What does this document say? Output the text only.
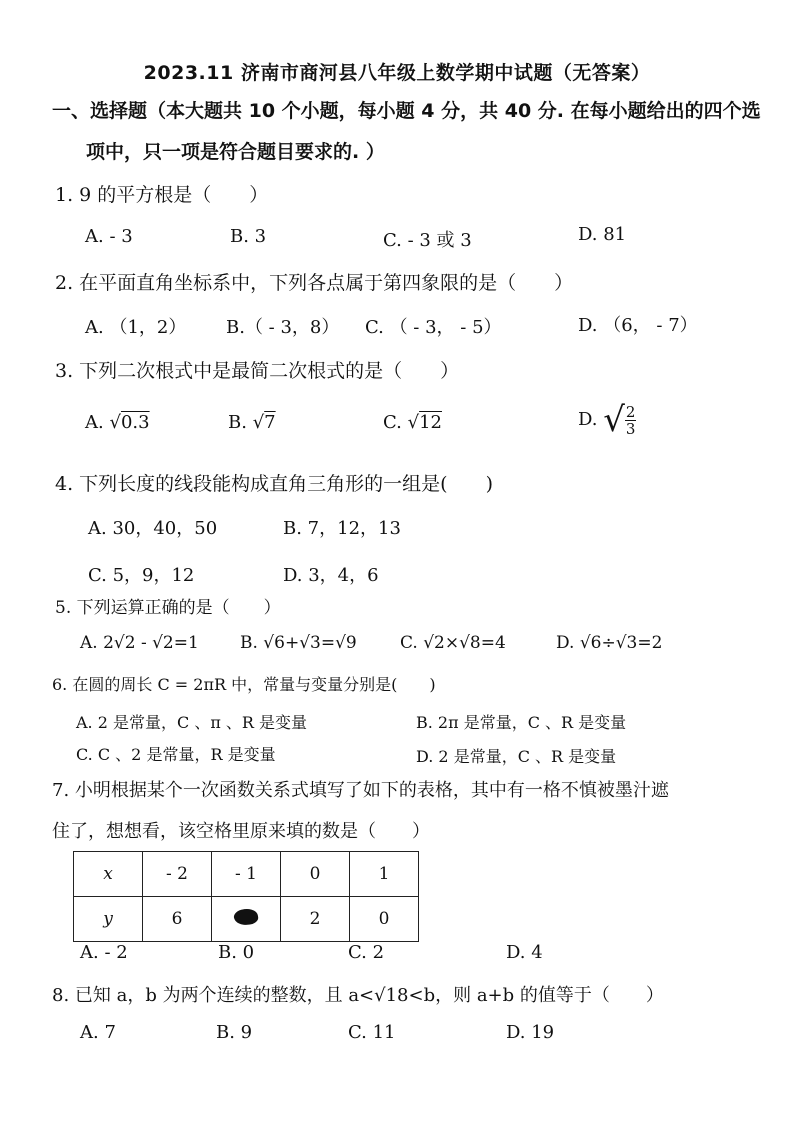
2023.11 济南市商河县八年级上数学期中试题（无答案）
一、选择题（本大题共 10 个小题，每小题 4 分，共 40 分. 在每小题给出的四个选
项中，只一项是符合题目要求的. ）
1. 9 的平方根是（　　）
A. - 3	B. 3	C. - 3 或 3	D. 81
2. 在平面直角坐标系中，下列各点属于第四象限的是（　　）
A. （1，2） B.（ - 3，8） C. （ - 3， - 5）	D. （6， - 7）
3. 下列二次根式中是最简二次根式的是（　　）
A. √0.3	B. √7	C. √12	D. √ $\frac{2}{3}$
4. 下列长度的线段能构成直角三角形的一组是(　　)
A. 30，40，50	B. 7，12，13
C. 5，9，12	D. 3，4，6
5. 下列运算正确的是（　　）
A. 2√2 - √2=1 B. √6+√3=√9	C. √2×√8=4	D. √6÷√3=2
6. 在圆的周长 C = 2πR 中，常量与变量分别是(　　)
A. 2 是常量，C 、π 、R 是变量	B. 2π 是常量，C 、R 是变量
C. C 、2 是常量，R 是变量	D. 2 是常量，C 、R 是变量
7. 小明根据某个一次函数关系式填写了如下的表格，其中有一格不慎被墨汁遮
住了，想想看，该空格里原来填的数是（　　）
x	- 2	- 1	0	1
y	6		2	0
A. - 2	B. 0	C. 2	D. 4
8. 已知 a，b 为两个连续的整数，且 a<√18<b，则 a+b 的值等于（　　）
A. 7	B. 9	C. 11	D. 19
